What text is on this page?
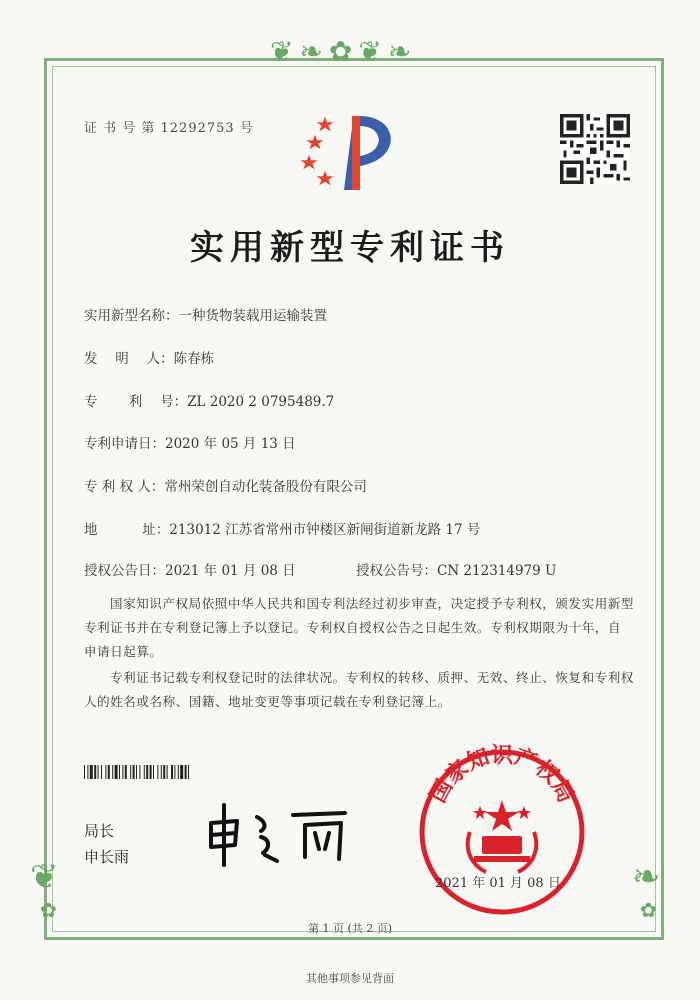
❦❧✿❦❧
❦	❧
✿	✿
证 书 号 第 12292753 号
实用新型专利证书
实用新型名称：一种货物装载用运输装置
发　 明　 人：陈春栋
专　 　利　 号：ZL 2020 2 0795489.7
专利申请日：2020 年 05 月 13 日
专 利 权 人：常州荣创自动化装备股份有限公司
地　 　　址：213012 江苏省常州市钟楼区新闸街道新龙路 17 号
授权公告日：2021 年 01 月 08 日	授权公告号：CN 212314979 U
国家知识产权局依照中华人民共和国专利法经过初步审查，决定授予专利权，颁发实用新型专利证书并在专利登记簿上予以登记。专利权自授权公告之日起生效。专利权期限为十年，自申请日起算。
专利证书记载专利权登记时的法律状况。专利权的转移、质押、无效、终止、恢复和专利权人的姓名或名称、国籍、地址变更等事项记载在专利登记簿上。
局长
申长雨
国家知识产权局
2021 年 01 月 08 日
第 1 页 (共 2 页)
其他事项参见背面
